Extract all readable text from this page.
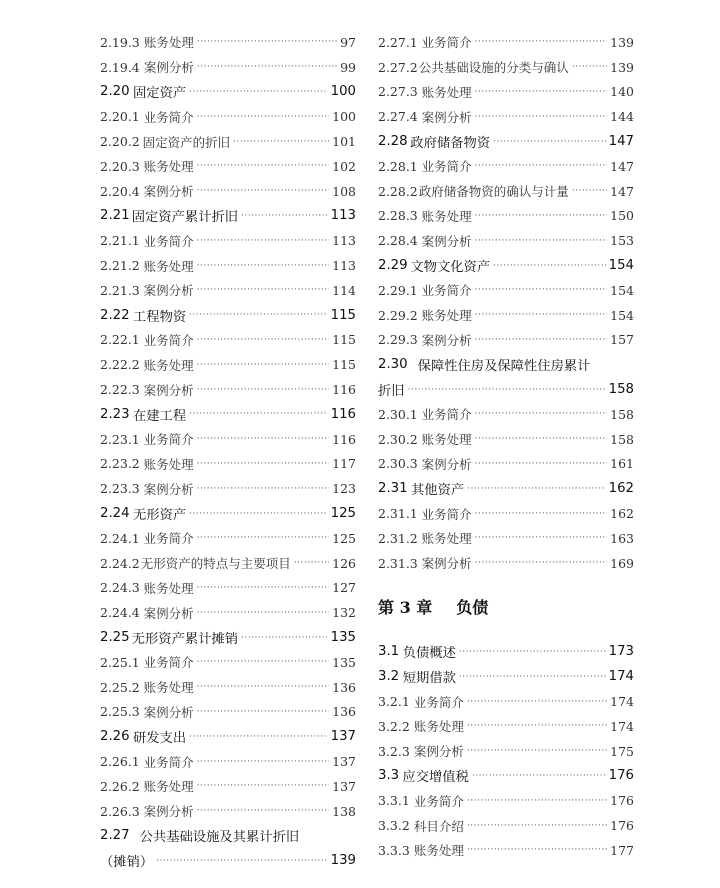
2.19.3 账务处理 ·····	97
2.19.4 案例分析 ·····	99
2.20 固定资产 ·····	100
2.20.1 业务简介 ·····	100
2.20.2 固定资产的折旧 ·····	101
2.20.3 账务处理 ·····	102
2.20.4 案例分析 ·····	108
2.21 固定资产累计折旧 ·····	113
2.21.1 业务简介 ·····	113
2.21.2 账务处理 ·····	113
2.21.3 案例分析 ·····	114
2.22 工程物资 ·····	115
2.22.1 业务简介 ·····	115
2.22.2 账务处理 ·····	115
2.22.3 案例分析 ·····	116
2.23 在建工程 ·····	116
2.23.1 业务简介 ·····	116
2.23.2 账务处理 ·····	117
2.23.3 案例分析 ·····	123
2.24 无形资产 ·····	125
2.24.1 业务简介 ·····	125
2.24.2 无形资产的特点与主要项目 ·····	126
2.24.3 账务处理 ·····	127
2.24.4 案例分析 ·····	132
2.25 无形资产累计摊销 ·····	135
2.25.1 业务简介 ·····	135
2.25.2 账务处理 ·····	136
2.25.3 案例分析 ·····	136
2.26 研发支出 ·····	137
2.26.1 业务简介 ·····	137
2.26.2 账务处理 ·····	137
2.26.3 案例分析 ·····	138
2.27 公共基础设施及其累计折旧
（摊销） ·····	139
2.27.1 业务简介 ·····	139
2.27.2 公共基础设施的分类与确认 ·····	139
2.27.3 账务处理 ·····	140
2.27.4 案例分析 ·····	144
2.28 政府储备物资 ·····	147
2.28.1 业务简介 ·····	147
2.28.2 政府储备物资的确认与计量 ·····	147
2.28.3 账务处理 ·····	150
2.28.4 案例分析 ·····	153
2.29 文物文化资产 ·····	154
2.29.1 业务简介 ·····	154
2.29.2 账务处理 ·····	154
2.29.3 案例分析 ·····	157
2.30 保障性住房及保障性住房累计
折旧 ·····	158
2.30.1 业务简介 ·····	158
2.30.2 账务处理 ·····	158
2.30.3 案例分析 ·····	161
2.31 其他资产 ·····	162
2.31.1 业务简介 ·····	162
2.31.2 账务处理 ·····	163
2.31.3 案例分析 ·····	169
第 3 章 负债
3.1 负债概述 ·····	173
3.2 短期借款 ·····	174
3.2.1 业务简介 ·····	174
3.2.2 账务处理 ·····	174
3.2.3 案例分析 ·····	175
3.3 应交增值税 ·····	176
3.3.1 业务简介 ·····	176
3.3.2 科目介绍 ·····	176
3.3.3 账务处理 ·····	177
